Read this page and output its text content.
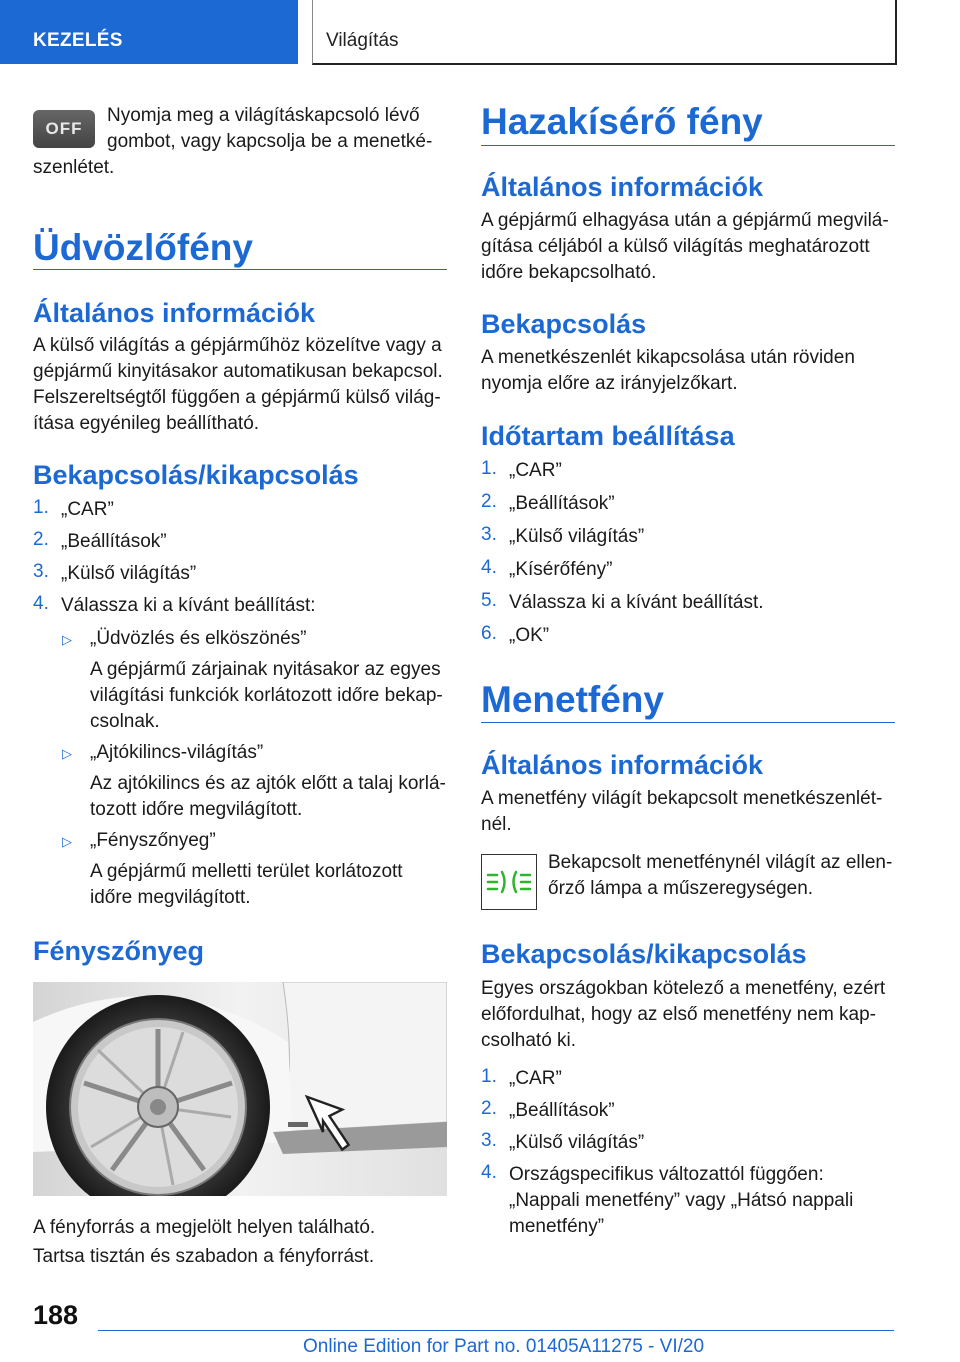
KEZELÉS	Világítás
OFF

Nyomja meg a világításkapcsoló lévő

gombot, vagy kapcsolja be a menetké-

szenlétet.

Üdvözlőfény
Általános információk

A külső világítás a gépjárműhöz közelítve vagy a

gépjármű kinyitásakor automatikusan bekapcsol.

Felszereltségtől függően a gépjármű külső világ-

ítása egyénileg beállítható.

Bekapcsolás/kikapcsolás
1. „CAR”
2. „Beállítások”
3. „Külső világítás”
4. Válassza ki a kívánt beállítást:
▷ „Üdvözlés és elköszönés”

A gépjármű zárjainak nyitásakor az egyes

világítási funkciók korlátozott időre bekap-

csolnak.

▷ „Ajtókilincs-világítás”

Az ajtókilincs és az ajtók előtt a talaj korlá-

tozott időre megvilágított.

▷ „Fényszőnyeg”

A gépjármű melletti terület korlátozott

időre megvilágított.

Fényszőnyeg

A fényforrás a megjelölt helyen található.

Tartsa tisztán és szabadon a fényforrást.

Hazakísérő fény
Általános információk

A gépjármű elhagyása után a gépjármű megvilá-

gítása céljából a külső világítás meghatározott

időre bekapcsolható.

Bekapcsolás

A menetkészenlét kikapcsolása után röviden

nyomja előre az irányjelzőkart.

Időtartam beállítása
1. „CAR”
2. „Beállítások”
3. „Külső világítás”
4. „Kísérőfény”
5. Válassza ki a kívánt beállítást.
6. „OK”
Menetfény
Általános információk

A menetfény világít bekapcsolt menetkészenlét-

nél.

Bekapcsolt menetfénynél világít az ellen-

őrző lámpa a műszeregységen.

Bekapcsolás/kikapcsolás

Egyes országokban kötelező a menetfény, ezért

előfordulhat, hogy az első menetfény nem kap-

csolható ki.

1. „CAR”
2. „Beállítások”
3. „Külső világítás”
4. Országspecifikus változattól függően:
„Nappali menetfény” vagy „Hátsó nappali
menetfény”
188
Online Edition for Part no. 01405A11275 - VI/20
